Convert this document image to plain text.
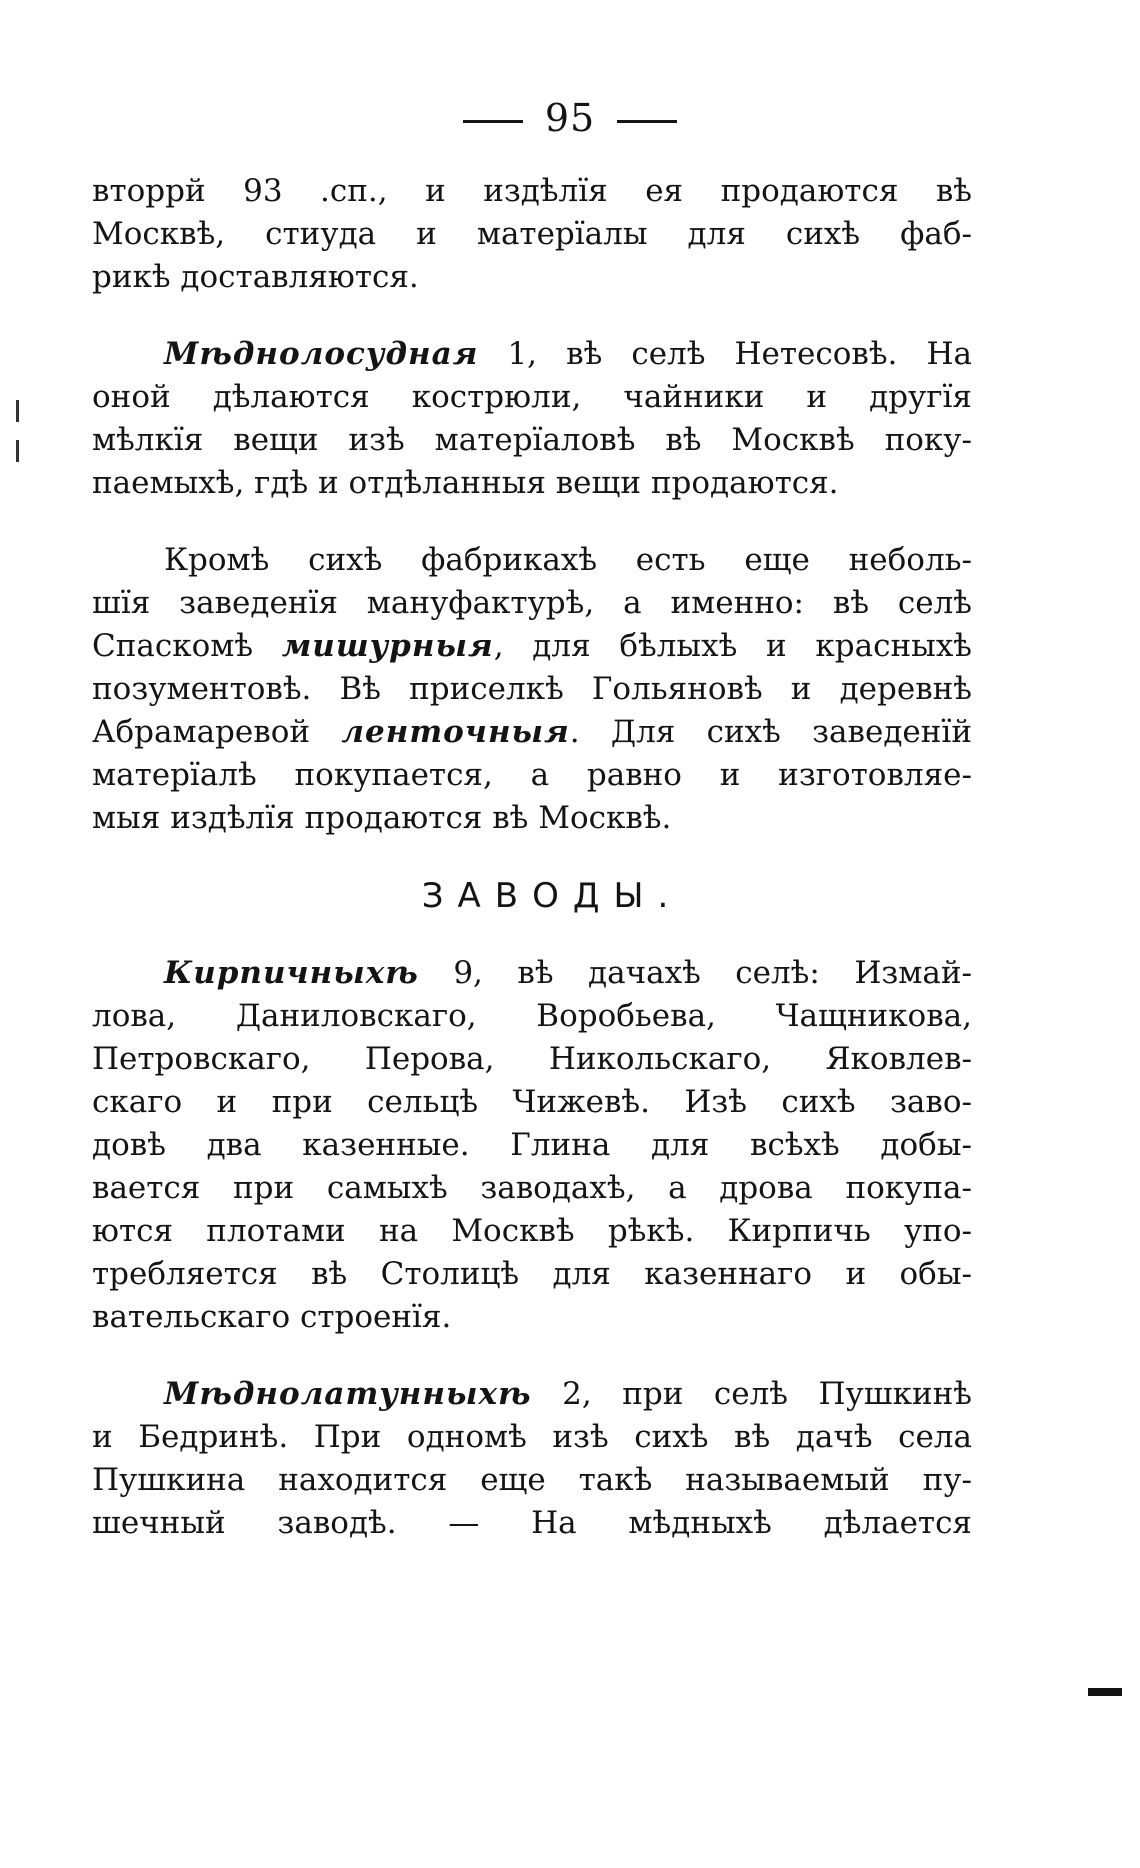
95
вторрй 93 .сп., и издѣлїя ея продаются вѣ
Москвѣ, стиуда и матерїалы для сихѣ фаб-
рикѣ доставляются.
Мѣднолосудная 1, вѣ селѣ Нетесовѣ. На
оной дѣлаются кострюли, чайники и другїя
мѣлкїя вещи изѣ матерїаловѣ вѣ Москвѣ поку-
паемыхѣ, гдѣ и отдѣланныя вещи продаются.
Кромѣ сихѣ фабрикахѣ есть еще неболь-
шїя заведенїя мануфактурѣ, а именно: вѣ селѣ
Спаскомѣ мишурныя, для бѣлыхѣ и красныхѣ
позументовѣ. Вѣ приселкѣ Гольяновѣ и деревнѣ
Абрамаревой ленточныя. Для сихѣ заведенїй
матерїалѣ покупается, а равно и изготовляе-
мыя издѣлїя продаются вѣ Москвѣ.
ЗАВОДЫ.
Кирпичныхѣ 9, вѣ дачахѣ селѣ: Измай-
лова, Даниловскаго, Воробьева, Чащникова,
Петровскаго, Перова, Никольскаго, Яковлев-
скаго и при сельцѣ Чижевѣ. Изѣ сихѣ заво-
довѣ два казенные. Глина для всѣхѣ добы-
вается при самыхѣ заводахѣ, а дрова покупа-
ются плотами на Москвѣ рѣкѣ. Кирпичь упо-
требляется вѣ Столицѣ для казеннаго и обы-
вательскаго строенїя.
Мѣднолатунныхѣ 2, при селѣ Пушкинѣ
и Бедринѣ. При одномѣ изѣ сихѣ вѣ дачѣ села
Пушкина находится еще такѣ называемый пу-
шечный заводѣ. — На мѣдныхѣ дѣлается
